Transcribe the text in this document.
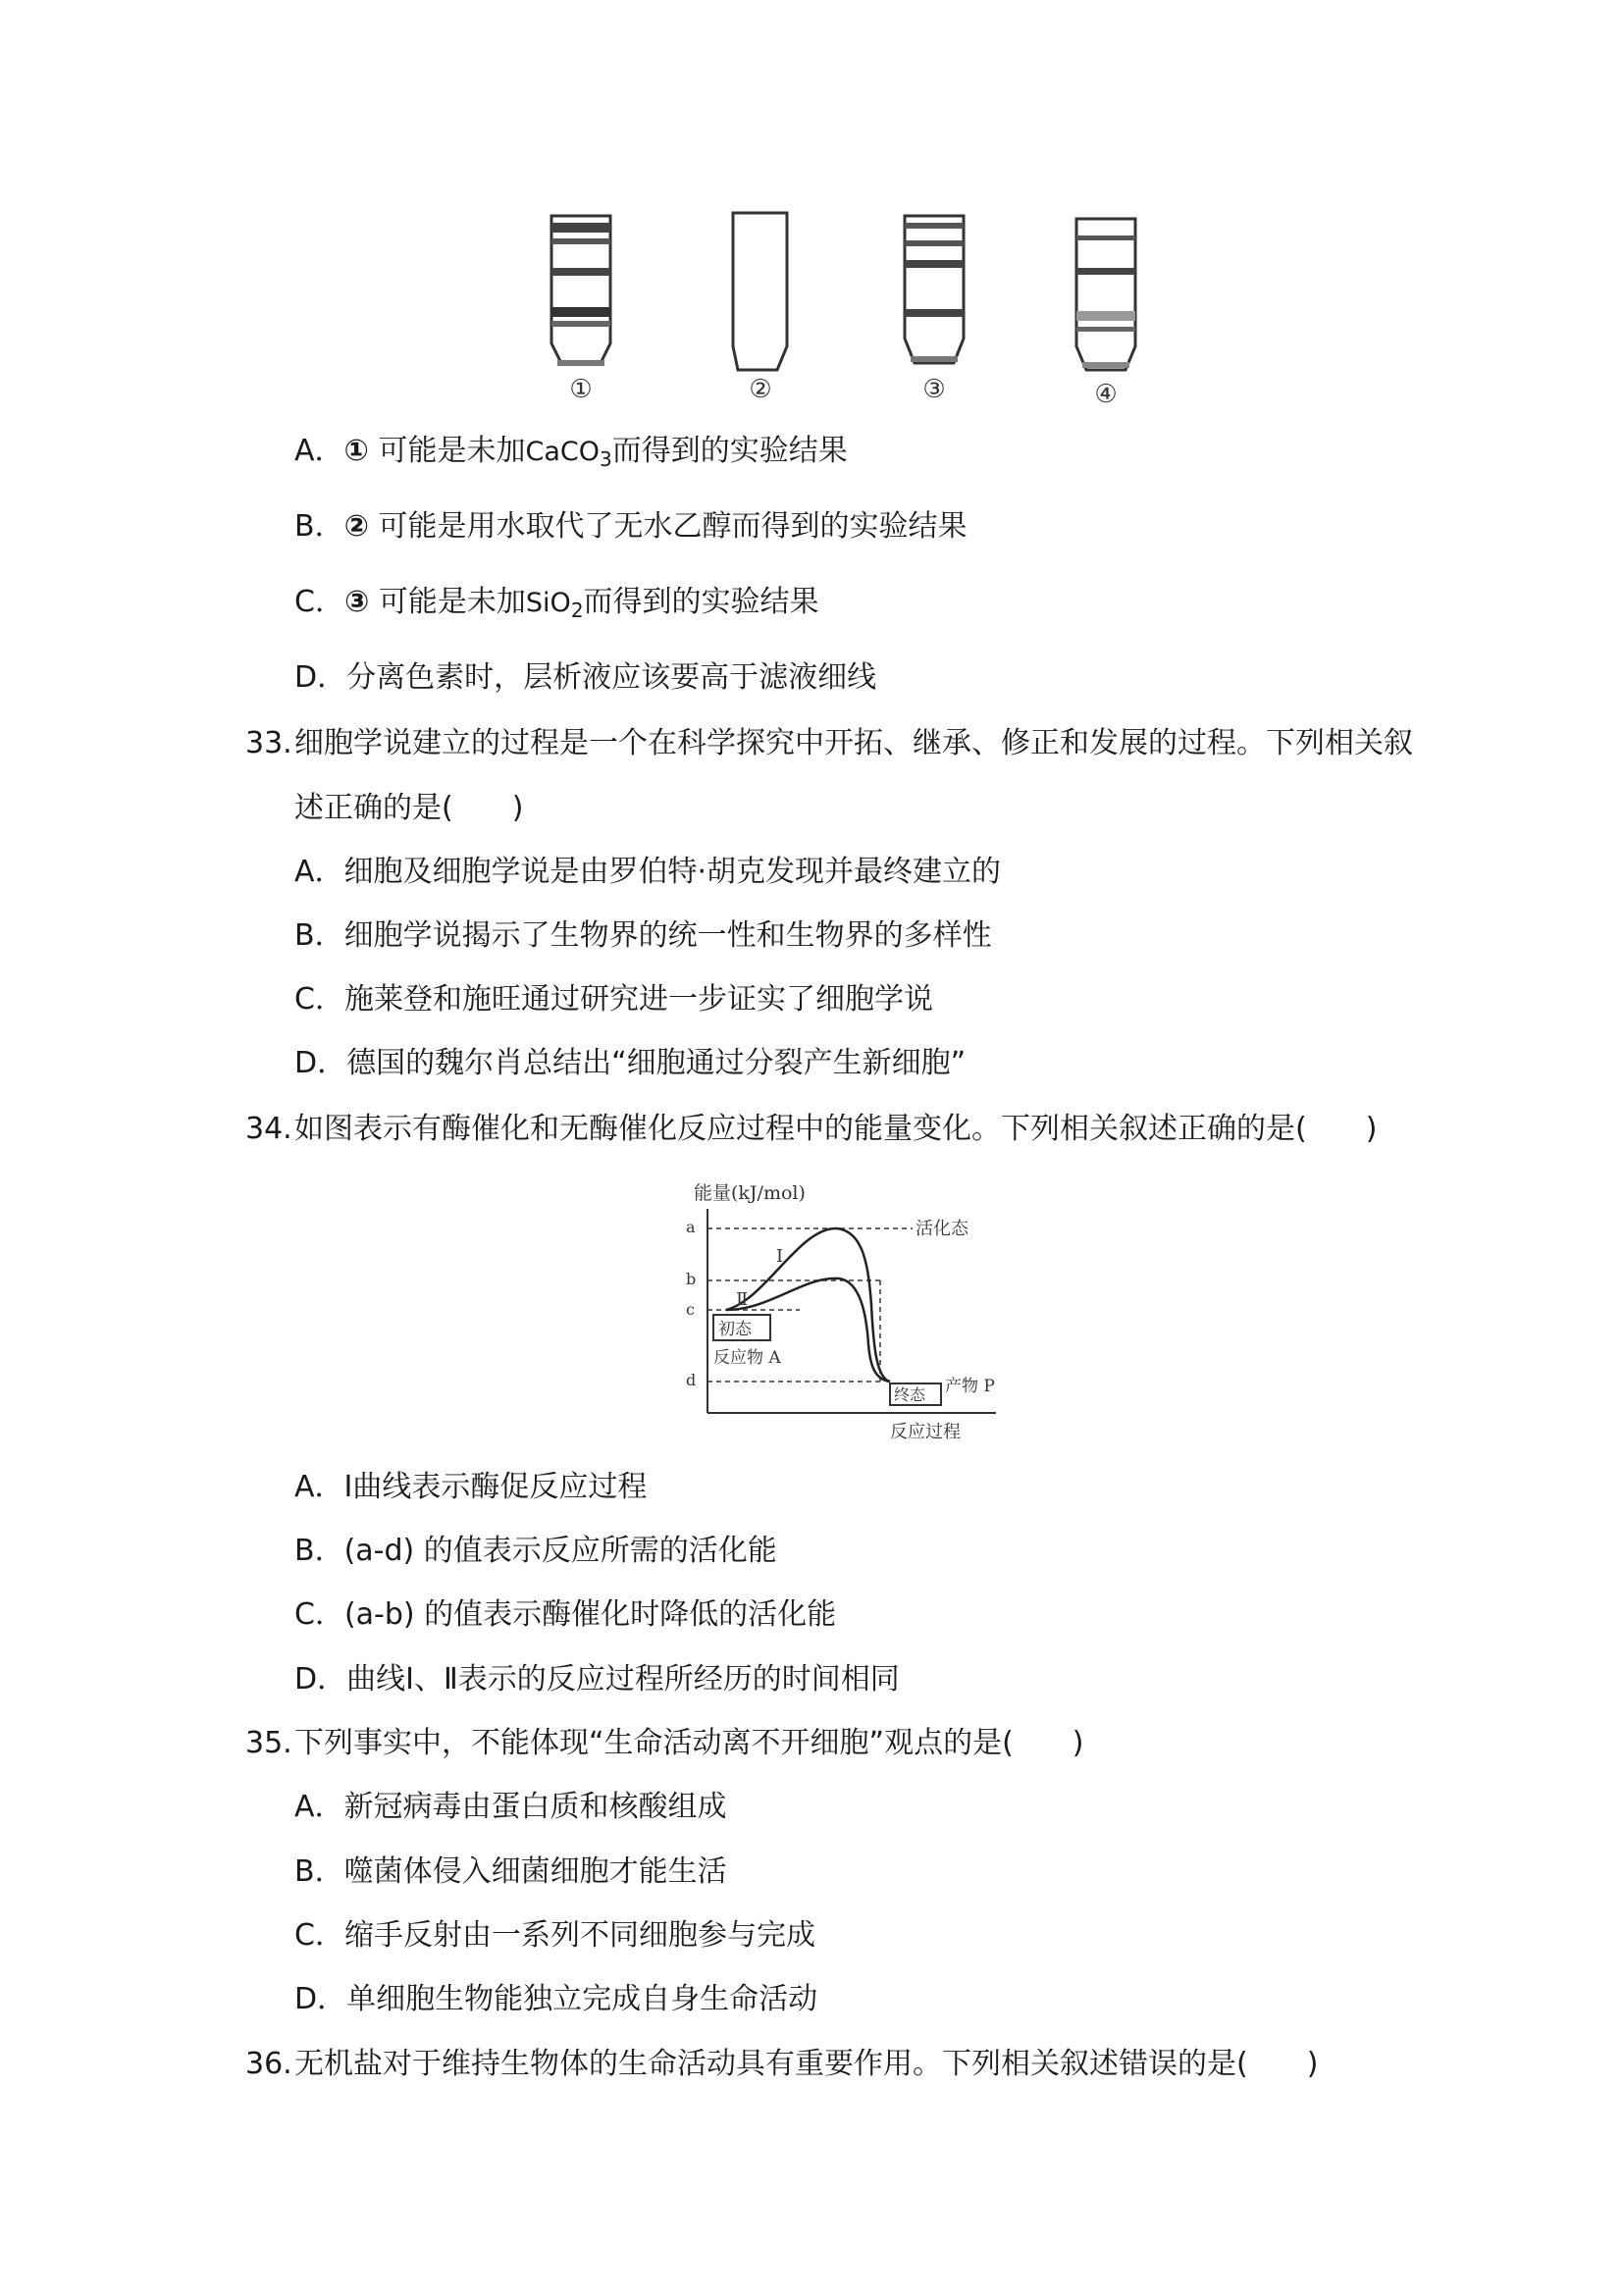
①	②	③	④
A．① 可能是未加CaCO$_3$而得到的实验结果
B．② 可能是用水取代了无水乙醇而得到的实验结果
C．③ 可能是未加SiO$_2$而得到的实验结果
D．分离色素时，层析液应该要高于滤液细线
33. 细胞学说建立的过程是一个在科学探究中开拓、继承、修正和发展的过程。下列相关叙
述正确的是(　　)
A．细胞及细胞学说是由罗伯特·胡克发现并最终建立的
B．细胞学说揭示了生物界的统一性和生物界的多样性
C．施莱登和施旺通过研究进一步证实了细胞学说
D．德国的魏尔肖总结出“细胞通过分裂产生新细胞”
34. 如图表示有酶催化和无酶催化反应过程中的能量变化。下列相关叙述正确的是(　　)
能量(kJ/mol)
a
b
c
d
Ⅰ
Ⅱ
活化态
初态
反应物 A
终态 产物 P
反应过程
A．Ⅰ曲线表示酶促反应过程
B．(a-d) 的值表示反应所需的活化能
C．(a-b) 的值表示酶催化时降低的活化能
D．曲线Ⅰ、Ⅱ表示的反应过程所经历的时间相同
35. 下列事实中，不能体现“生命活动离不开细胞”观点的是(　　)
A．新冠病毒由蛋白质和核酸组成
B．噬菌体侵入细菌细胞才能生活
C．缩手反射由一系列不同细胞参与完成
D．单细胞生物能独立完成自身生命活动
36. 无机盐对于维持生物体的生命活动具有重要作用。下列相关叙述错误的是(　　)
